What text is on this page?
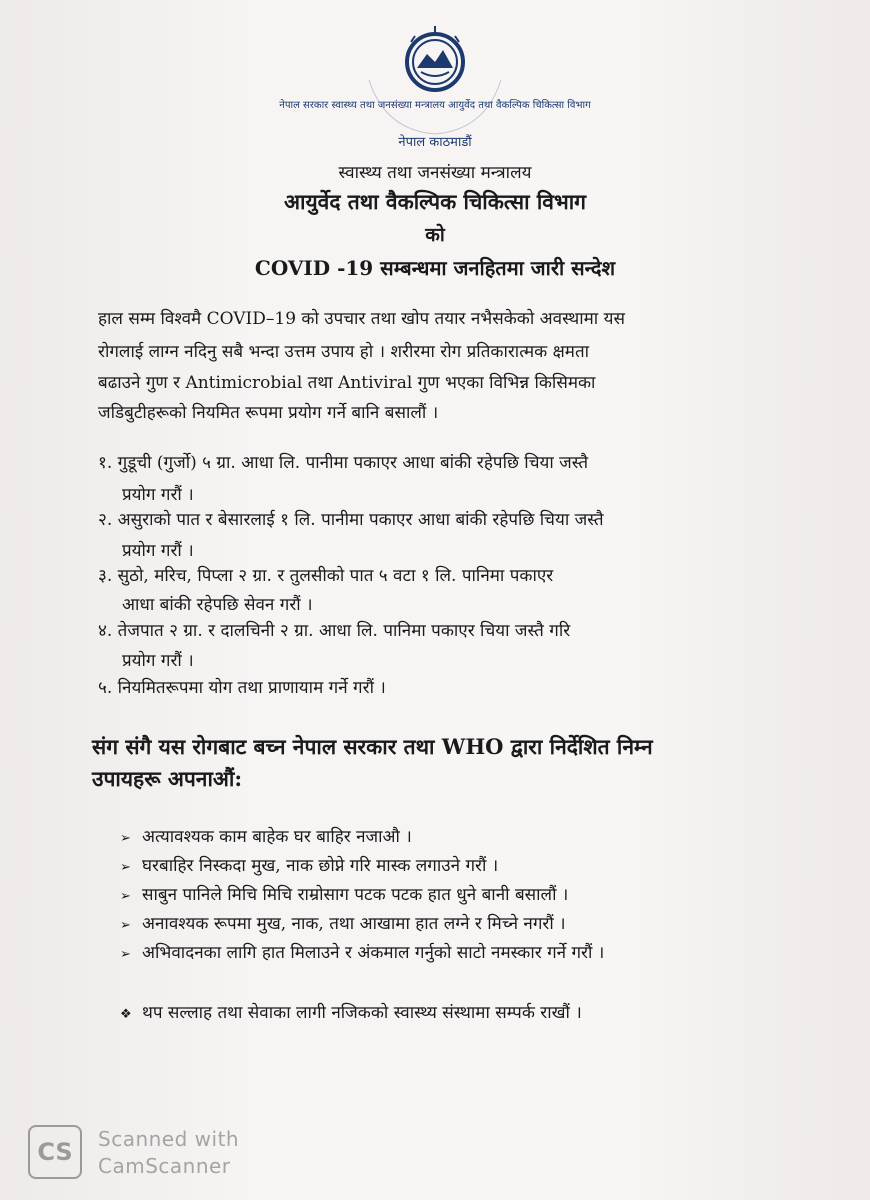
नेपाल सरकार स्वास्थ्य तथा जनसंख्या मन्त्रालय आयुर्वेद तथा वैकल्पिक चिकित्सा विभाग
नेपाल काठमाडौं
स्वास्थ्य तथा जनसंख्या मन्त्रालय
आयुर्वेद तथा वैकल्पिक चिकित्सा विभाग
को
COVID -19 सम्बन्धमा जनहितमा जारी सन्देश
हाल सम्म विश्वमै COVID–19 को उपचार तथा खोप तयार नभैसकेको अवस्थामा यस
रोगलाई लाग्न नदिनु सबै भन्दा उत्तम उपाय हो । शरीरमा रोग प्रतिकारात्मक क्षमता
बढाउने गुण र Antimicrobial तथा Antiviral गुण भएका विभिन्न किसिमका
जडिबुटीहरूको नियमित रूपमा प्रयोग गर्ने बानि बसालौं ।
१. गुडूची (गुर्जो) ५ ग्रा. आधा लि. पानीमा पकाएर आधा बांकी रहेपछि चिया जस्तै
प्रयोग गरौं ।
२. असुराको पात र बेसारलाई १ लि. पानीमा पकाएर आधा बांकी रहेपछि चिया जस्तै
प्रयोग गरौं ।
३. सुठो, मरिच, पिप्ला २ ग्रा. र तुलसीको पात ५ वटा १ लि. पानिमा पकाएर
आधा बांकी रहेपछि सेवन गरौं ।
४. तेजपात २ ग्रा. र दालचिनी २ ग्रा. आधा लि. पानिमा पकाएर चिया जस्तै गरि
प्रयोग गरौं ।
५. नियमितरूपमा योग तथा प्राणायाम गर्ने गरौं ।
संग संगै यस रोगबाट बच्न नेपाल सरकार तथा WHO द्वारा निर्देशित निम्न
उपायहरू अपनाऔं:
➢ अत्यावश्यक काम बाहेक घर बाहिर नजाऔ ।
➢ घरबाहिर निस्कदा मुख, नाक छोप्ने गरि मास्क लगाउने गरौं ।
➢ साबुन पानिले मिचि मिचि राम्रोसाग पटक पटक हात धुने बानी बसालौं ।
➢ अनावश्यक रूपमा मुख, नाक, तथा आखामा हात लग्ने र मिच्ने नगरौं ।
➢ अभिवादनका लागि हात मिलाउने र अंकमाल गर्नुको साटो नमस्कार गर्ने गरौं ।
❖ थप सल्लाह तथा सेवाका लागी नजिकको स्वास्थ्य संस्थामा सम्पर्क राखौं ।
CS	Scanned with
CamScanner
